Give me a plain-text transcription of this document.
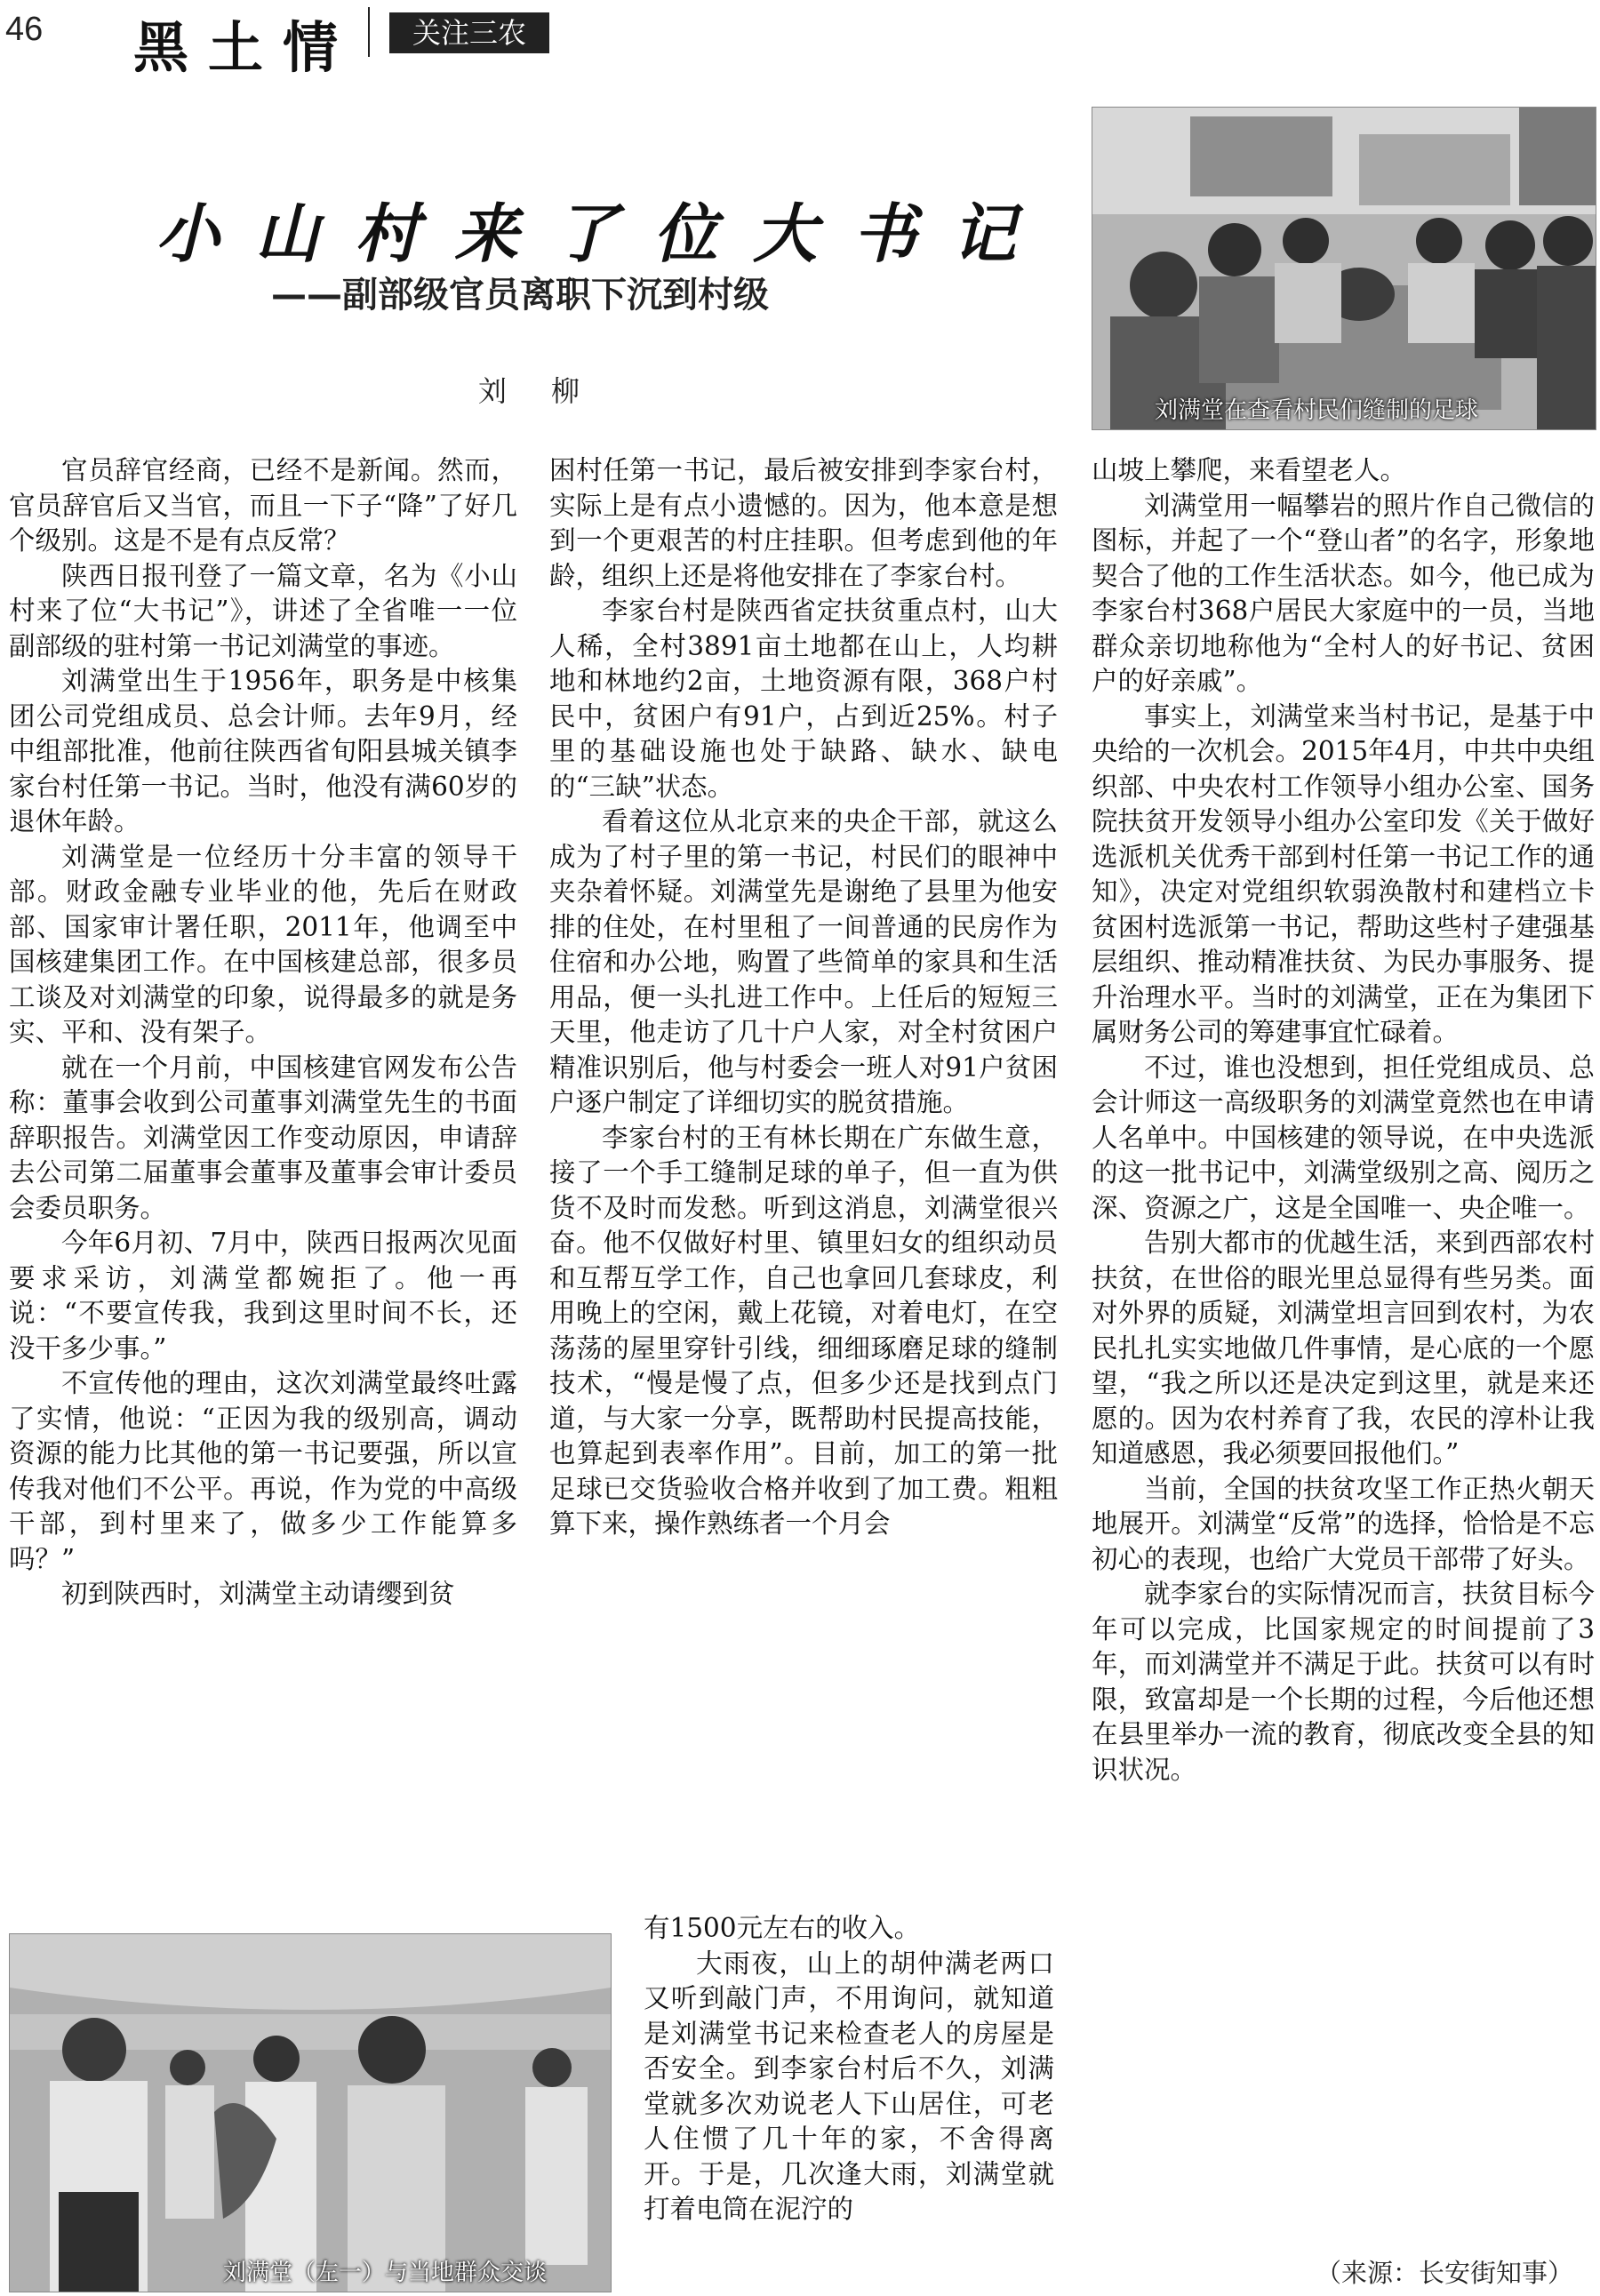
46 黑土情	关注三农
小山村来了位大书记
——副部级官员离职下沉到村级
刘柳
刘满堂在查看村民们缝制的足球

官员辞官经商，已经不是新闻。然而，官员辞官后又当官，而且一下子“降”了好几个级别。这是不是有点反常？

陕西日报刊登了一篇文章，名为《小山村来了位“大书记”》，讲述了全省唯一一位副部级的驻村第一书记刘满堂的事迹。

刘满堂出生于1956年，职务是中核集团公司党组成员、总会计师。去年9月，经中组部批准，他前往陕西省旬阳县城关镇李家台村任第一书记。当时，他没有满60岁的退休年龄。

刘满堂是一位经历十分丰富的领导干部。财政金融专业毕业的他，先后在财政部、国家审计署任职，2011年，他调至中国核建集团工作。在中国核建总部，很多员工谈及对刘满堂的印象，说得最多的就是务实、平和、没有架子。

就在一个月前，中国核建官网发布公告称：董事会收到公司董事刘满堂先生的书面辞职报告。刘满堂因工作变动原因，申请辞去公司第二届董事会董事及董事会审计委员会委员职务。

今年6月初、7月中，陕西日报两次见面要求采访，刘满堂都婉拒了。他一再说：“不要宣传我，我到这里时间不长，还没干多少事。”

不宣传他的理由，这次刘满堂最终吐露了实情，他说：“正因为我的级别高，调动资源的能力比其他的第一书记要强，所以宣传我对他们不公平。再说，作为党的中高级干部，到村里来了，做多少工作能算多吗？”

初到陕西时，刘满堂主动请缨到贫

困村任第一书记，最后被安排到李家台村，实际上是有点小遗憾的。因为，他本意是想到一个更艰苦的村庄挂职。但考虑到他的年龄，组织上还是将他安排在了李家台村。

李家台村是陕西省定扶贫重点村，山大人稀，全村3891亩土地都在山上，人均耕地和林地约2亩，土地资源有限，368户村民中，贫困户有91户，占到近25%。村子里的基础设施也处于缺路、缺水、缺电的“三缺”状态。

看着这位从北京来的央企干部，就这么成为了村子里的第一书记，村民们的眼神中夹杂着怀疑。刘满堂先是谢绝了县里为他安排的住处，在村里租了一间普通的民房作为住宿和办公地，购置了些简单的家具和生活用品，便一头扎进工作中。上任后的短短三天里，他走访了几十户人家，对全村贫困户精准识别后，他与村委会一班人对91户贫困户逐户制定了详细切实的脱贫措施。

李家台村的王有林长期在广东做生意，接了一个手工缝制足球的单子，但一直为供货不及时而发愁。听到这消息，刘满堂很兴奋。他不仅做好村里、镇里妇女的组织动员和互帮互学工作，自己也拿回几套球皮，利用晚上的空闲，戴上花镜，对着电灯，在空荡荡的屋里穿针引线，细细琢磨足球的缝制技术，“慢是慢了点，但多少还是找到点门道，与大家一分享，既帮助村民提高技能，也算起到表率作用”。目前，加工的第一批足球已交货验收合格并收到了加工费。粗粗算下来，操作熟练者一个月会

有1500元左右的收入。

大雨夜，山上的胡仲满老两口又听到敲门声，不用询问，就知道是刘满堂书记来检查老人的房屋是否安全。到李家台村后不久，刘满堂就多次劝说老人下山居住，可老人住惯了几十年的家，不舍得离开。于是，几次逢大雨，刘满堂就打着电筒在泥泞的

刘满堂（左一）与当地群众交谈

山坡上攀爬，来看望老人。

刘满堂用一幅攀岩的照片作自己微信的图标，并起了一个“登山者”的名字，形象地契合了他的工作生活状态。如今，他已成为李家台村368户居民大家庭中的一员，当地群众亲切地称他为“全村人的好书记、贫困户的好亲戚”。

事实上，刘满堂来当村书记，是基于中央给的一次机会。2015年4月，中共中央组织部、中央农村工作领导小组办公室、国务院扶贫开发领导小组办公室印发《关于做好选派机关优秀干部到村任第一书记工作的通知》，决定对党组织软弱涣散村和建档立卡贫困村选派第一书记，帮助这些村子建强基层组织、推动精准扶贫、为民办事服务、提升治理水平。当时的刘满堂，正在为集团下属财务公司的筹建事宜忙碌着。

不过，谁也没想到，担任党组成员、总会计师这一高级职务的刘满堂竟然也在申请人名单中。中国核建的领导说，在中央选派的这一批书记中，刘满堂级别之高、阅历之深、资源之广，这是全国唯一、央企唯一。

告别大都市的优越生活，来到西部农村扶贫，在世俗的眼光里总显得有些另类。面对外界的质疑，刘满堂坦言回到农村，为农民扎扎实实地做几件事情，是心底的一个愿望，“我之所以还是决定到这里，就是来还愿的。因为农村养育了我，农民的淳朴让我知道感恩，我必须要回报他们。”

当前，全国的扶贫攻坚工作正热火朝天地展开。刘满堂“反常”的选择，恰恰是不忘初心的表现，也给广大党员干部带了好头。

就李家台的实际情况而言，扶贫目标今年可以完成，比国家规定的时间提前了3年，而刘满堂并不满足于此。扶贫可以有时限，致富却是一个长期的过程，今后他还想在县里举办一流的教育，彻底改变全县的知识状况。

（来源：长安街知事）
